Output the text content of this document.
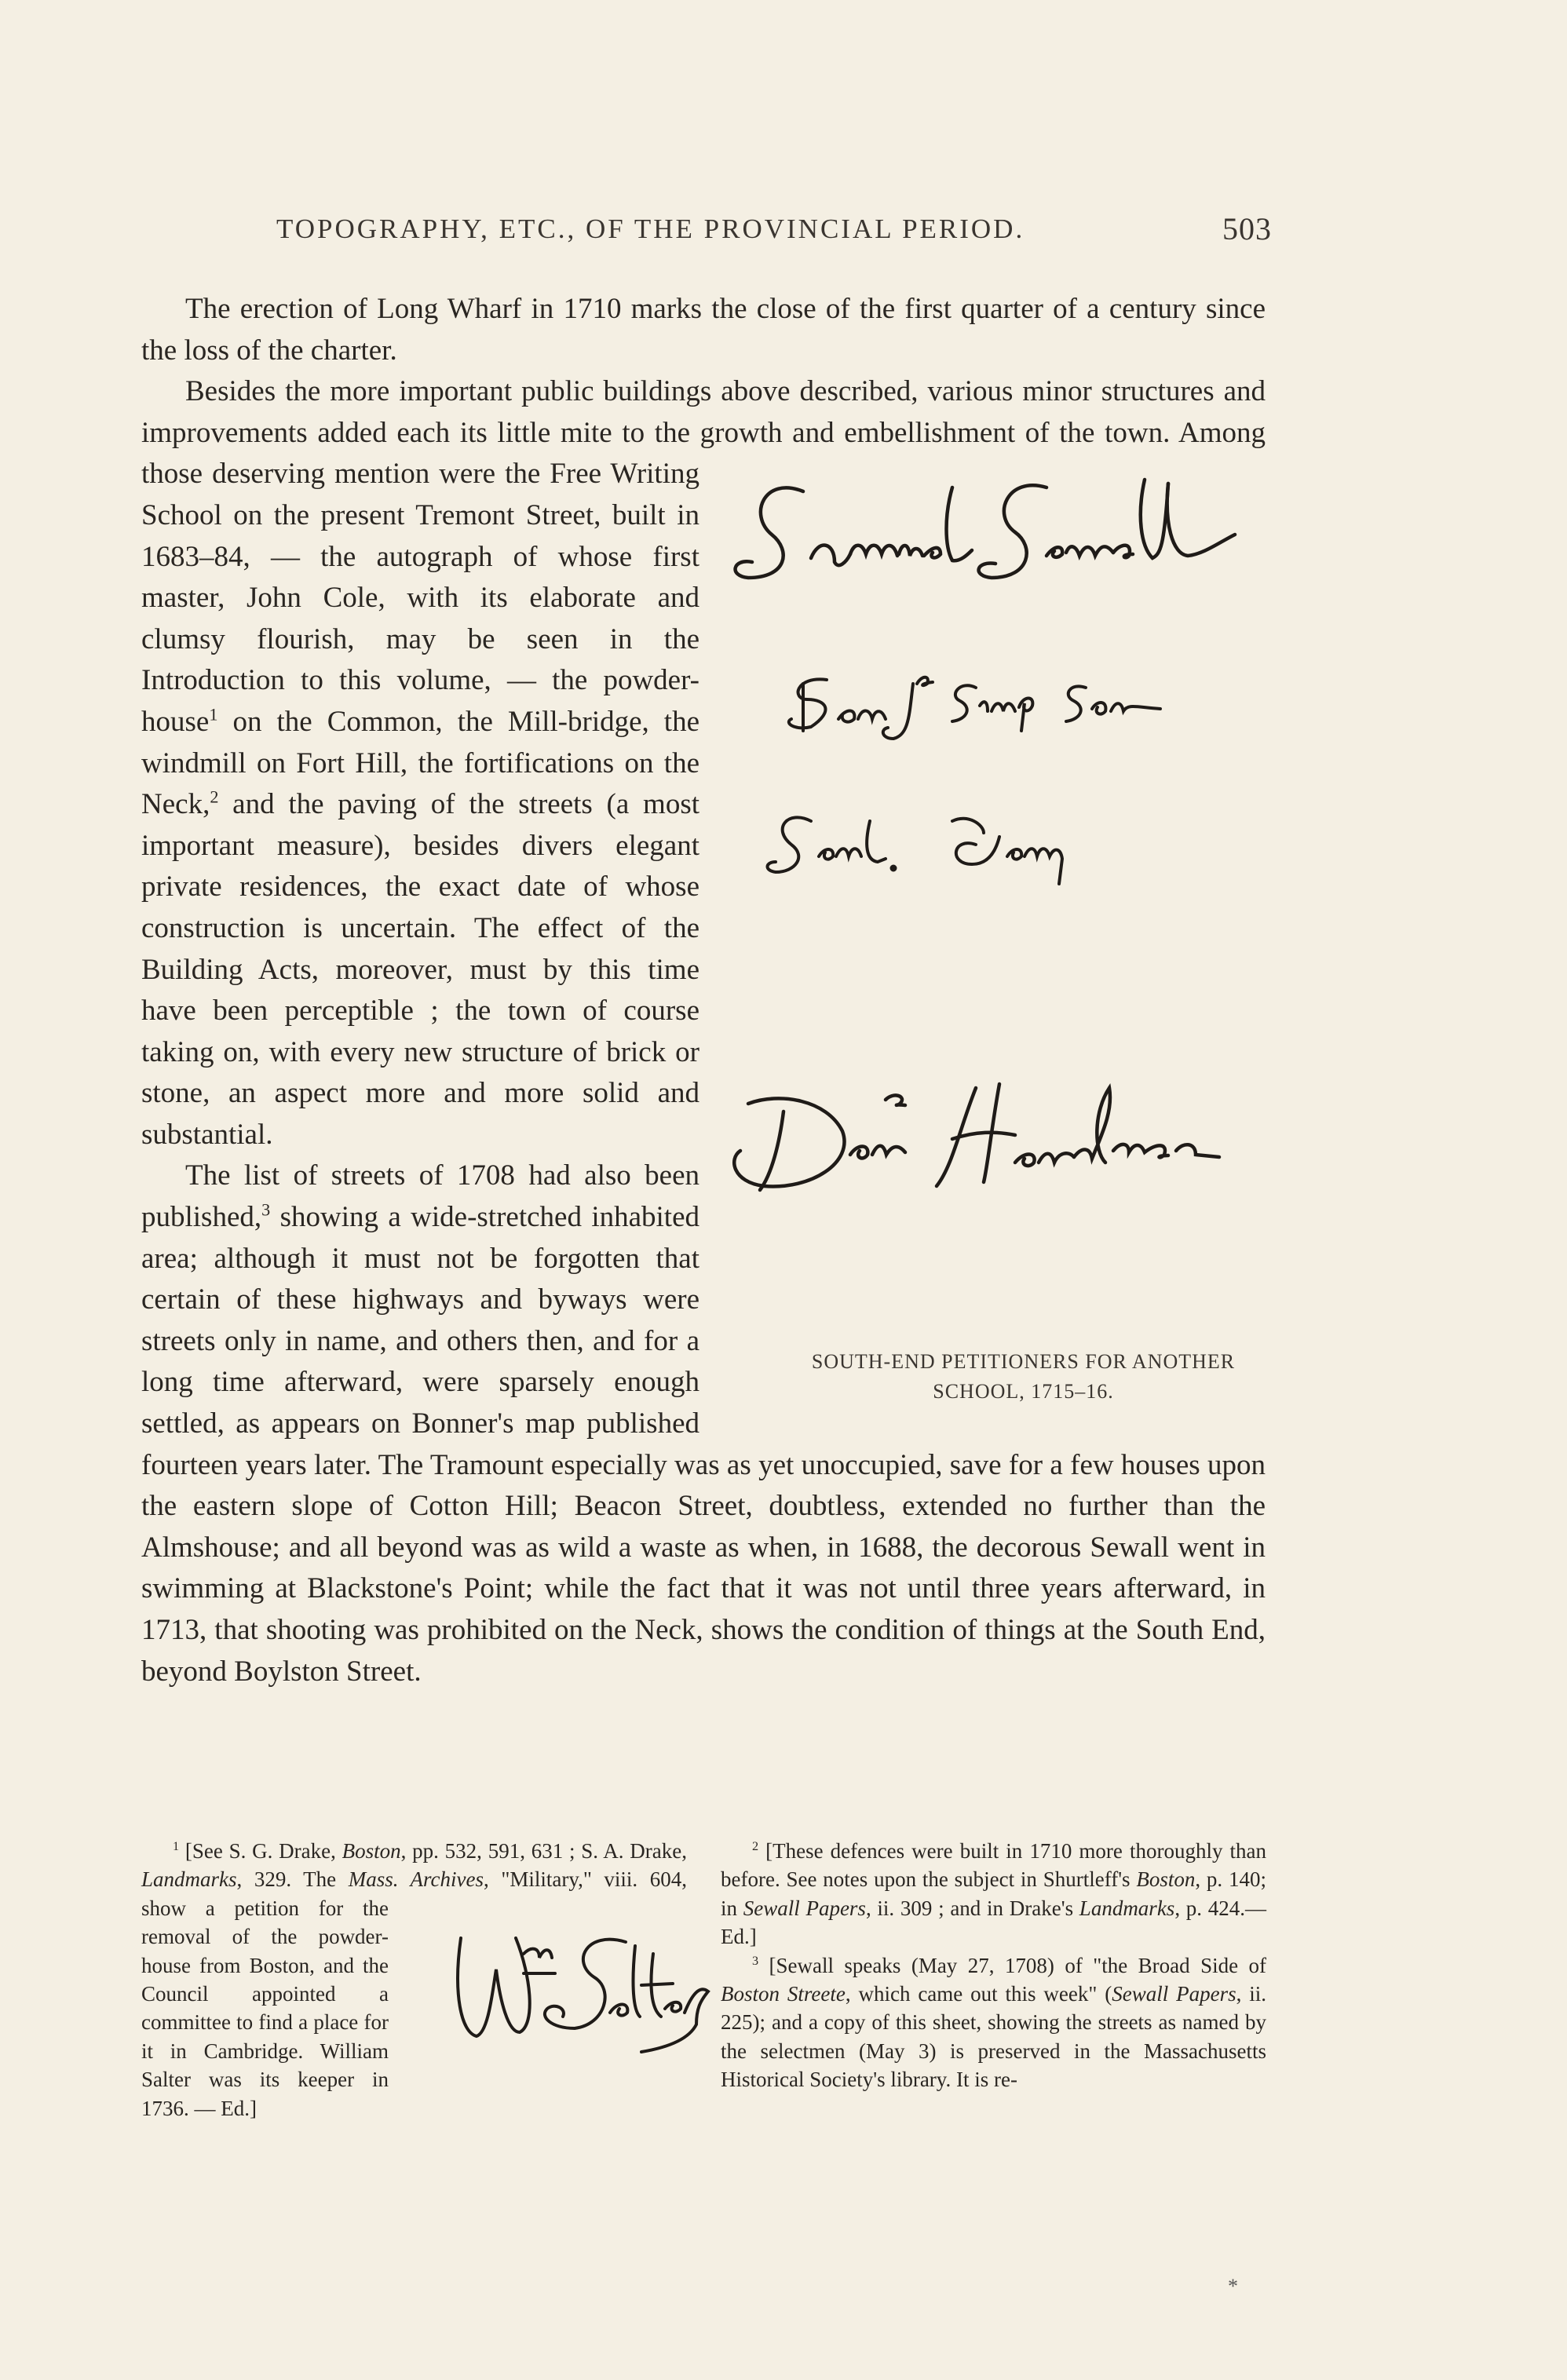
TOPOGRAPHY, ETC., OF THE PROVINCIAL PERIOD.	503

The erection of Long Wharf in 1710 marks the close of the first quarter of a century since the loss of the charter.

Besides the more important public buildings above described, various minor structures and improvements added each its little mite to the growth
SOUTH-END PETITIONERS FOR ANOTHER
SCHOOL, 1715–16.
and embellishment of the town. Among those deserving mention were the Free Writing School on the present Tremont Street, built in 1683–84, — the autograph of whose first master, John Cole, with its elaborate and clumsy flourish, may be seen in the Introduction to this volume, — the powder-house$^1$ on the Common, the Mill-bridge, the windmill on Fort Hill, the fortifications on the Neck,$^2$ and the paving of the streets (a most important measure), besides divers elegant private residences, the exact date of whose construction is uncertain. The effect of the Building Acts, moreover, must by this time have been perceptible ; the town of course taking on, with every new structure of brick or stone, an aspect more and more solid and substantial.

The list of streets of 1708 had also been published,$^3$ showing a wide-stretched inhabited area; although it must not be forgotten that certain of these highways and byways were streets only in name, and others then, and for a long time afterward, were sparsely enough settled, as appears on Bonner's map published fourteen years later. The Tramount especially was as yet unoccupied, save for a few houses upon the eastern slope of Cotton Hill; Beacon Street, doubtless, extended no further than the Almshouse; and all beyond was as wild a waste as when, in 1688, the decorous Sewall went in swimming at Blackstone's Point; while the fact that it was not until three years afterward, in 1713, that shooting was prohibited on the Neck, shows the condition of things at the South End, beyond Boylston Street.

$^1$ [See S. G. Drake, Boston, pp. 532, 591, 631 ; S. A. Drake, Landmarks, 329. The Mass. Archives, "Military," viii. 604, show a petition for
the removal of the powder-house from Boston, and the Council appointed a committee to find a place for it in Cambridge. William Salter was its keeper in 1736. — Ed.]

$^2$ [These defences were built in 1710 more thoroughly than before. See notes upon the subject in Shurtleff's Boston, p. 140; in Sewall Papers, ii. 309 ; and in Drake's Landmarks, p. 424.—Ed.]

$^3$ [Sewall speaks (May 27, 1708) of "the Broad Side of Boston Streete, which came out this week" (Sewall Papers, ii. 225); and a copy of this sheet, showing the streets as named by the selectmen (May 3) is preserved in the Massachusetts Historical Society's library. It is re-

*
